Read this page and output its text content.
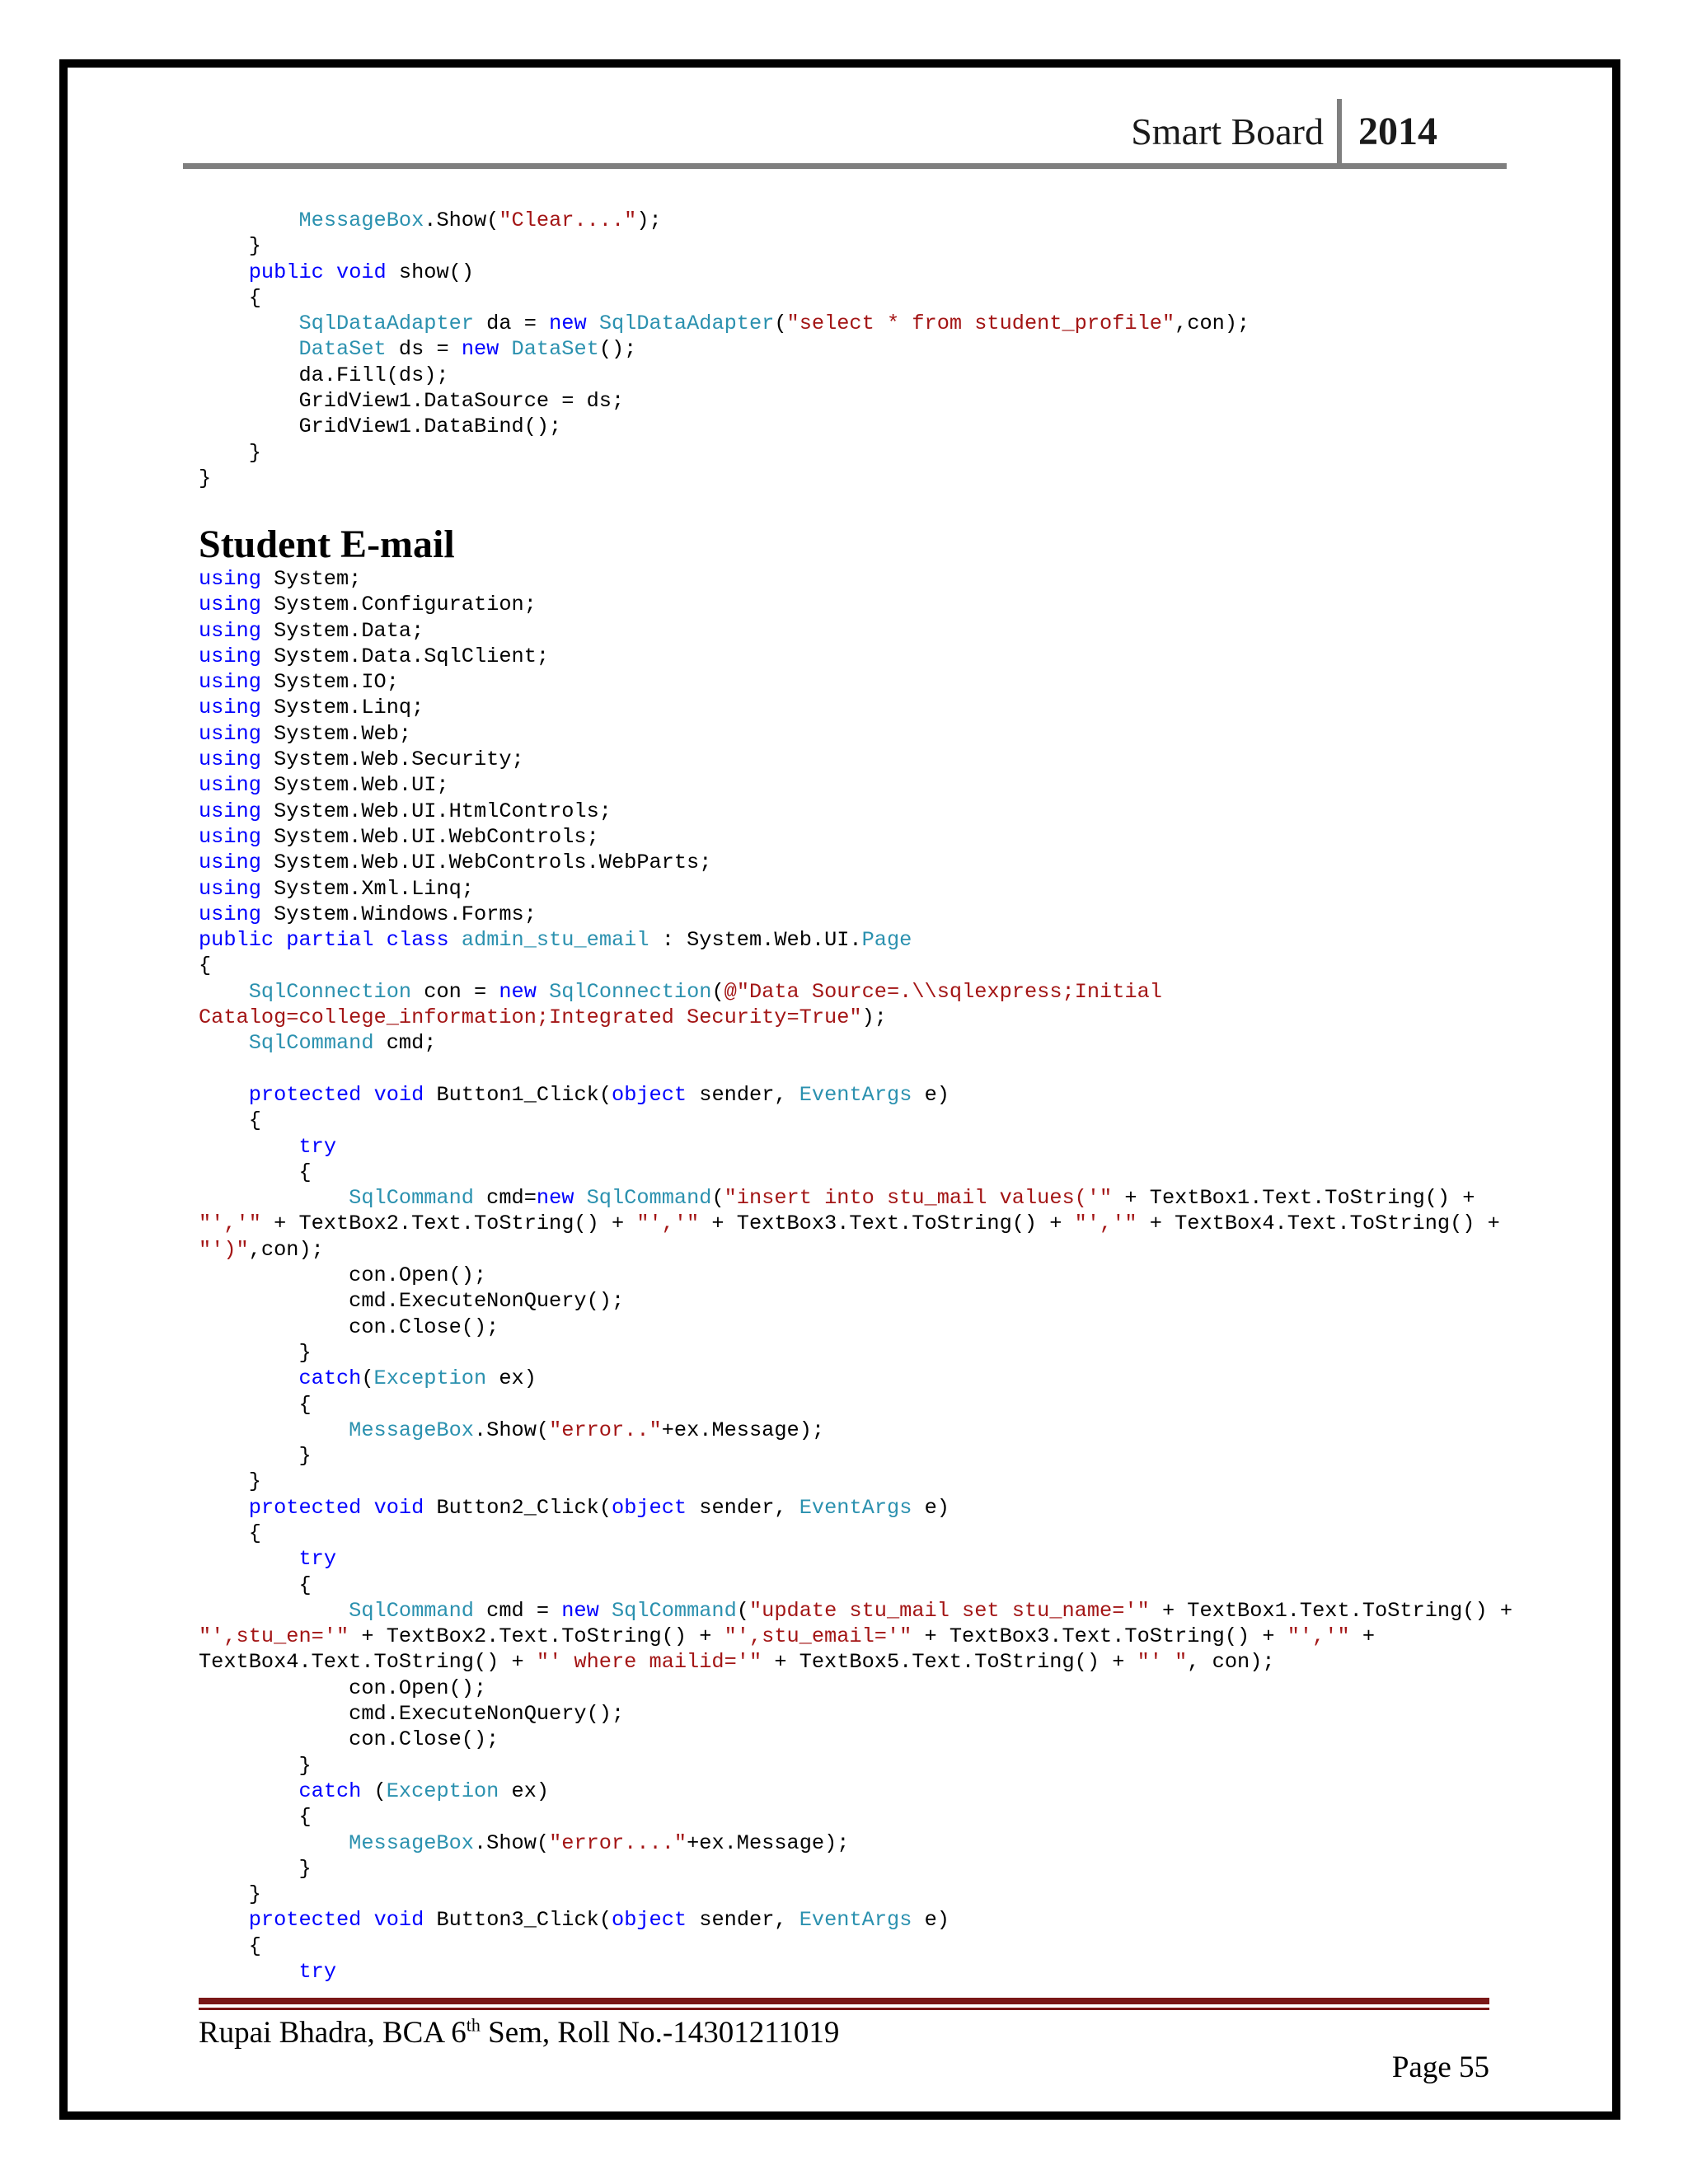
Smart Board 2014
MessageBox.Show("Clear....");
}
public void show()
{
SqlDataAdapter da = new SqlDataAdapter("select * from student_profile",con);
DataSet ds = new DataSet();
da.Fill(ds);
GridView1.DataSource = ds;
GridView1.DataBind();
}
}

Student E-mail
using System;
using System.Configuration;
using System.Data;
using System.Data.SqlClient;
using System.IO;
using System.Linq;
using System.Web;
using System.Web.Security;
using System.Web.UI;
using System.Web.UI.HtmlControls;
using System.Web.UI.WebControls;
using System.Web.UI.WebControls.WebParts;
using System.Xml.Linq;
using System.Windows.Forms;
public partial class admin_stu_email : System.Web.UI.Page
{
SqlConnection con = new SqlConnection(@"Data Source=.\\sqlexpress;Initial
Catalog=college_information;Integrated Security=True");
SqlCommand cmd;

protected void Button1_Click(object sender, EventArgs e)
{
try
{
SqlCommand cmd=new SqlCommand("insert into stu_mail values('" + TextBox1.Text.ToString() +
"','" + TextBox2.Text.ToString() + "','" + TextBox3.Text.ToString() + "','" + TextBox4.Text.ToString() +
"')",con);
con.Open();
cmd.ExecuteNonQuery();
con.Close();
}
catch(Exception ex)
{
MessageBox.Show("error.."+ex.Message);
}
}
protected void Button2_Click(object sender, EventArgs e)
{
try
{
SqlCommand cmd = new SqlCommand("update stu_mail set stu_name='" + TextBox1.Text.ToString() +
"',stu_en='" + TextBox2.Text.ToString() + "',stu_email='" + TextBox3.Text.ToString() + "','" +
TextBox4.Text.ToString() + "' where mailid='" + TextBox5.Text.ToString() + "' ", con);
con.Open();
cmd.ExecuteNonQuery();
con.Close();
}
catch (Exception ex)
{
MessageBox.Show("error...."+ex.Message);
}
}
protected void Button3_Click(object sender, EventArgs e)
{
try

Rupai Bhadra, BCA 6th Sem, Roll No.-14301211019
Page 55
